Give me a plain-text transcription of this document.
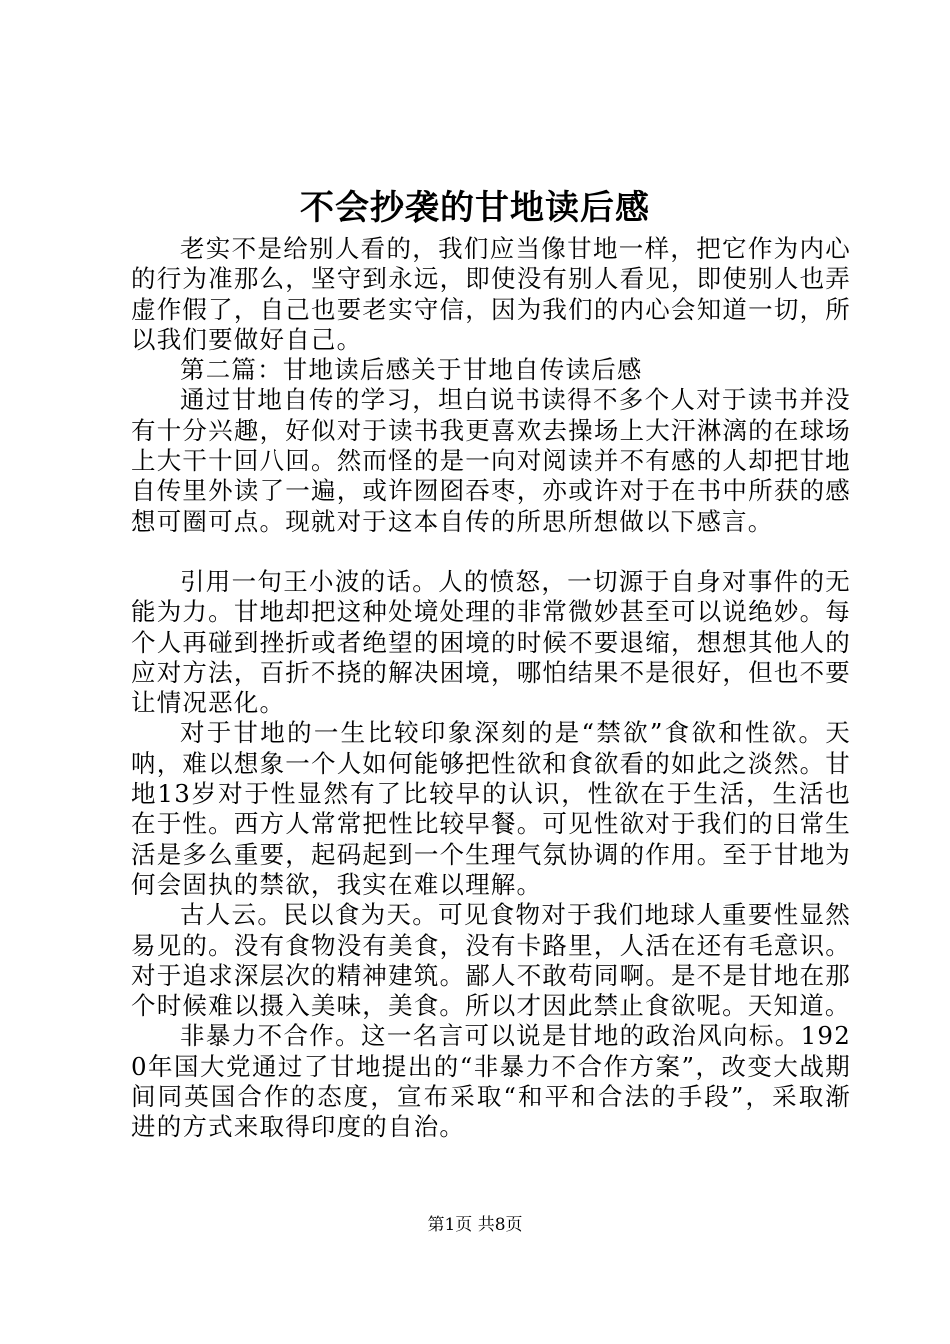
不会抄袭的甘地读后感

老实不是给别人看的，我们应当像甘地一样，把它作为内心的行为准那么，坚守到永远，即使没有别人看见，即使别人也弄虚作假了，自己也要老实守信，因为我们的内心会知道一切，所以我们要做好自己。

第二篇：甘地读后感关于甘地自传读后感

通过甘地自传的学习，坦白说书读得不多个人对于读书并没有十分兴趣，好似对于读书我更喜欢去操场上大汗淋漓的在球场上大干十回八回。然而怪的是一向对阅读并不有感的人却把甘地自传里外读了一遍，或许囫囵吞枣，亦或许对于在书中所获的感想可圈可点。现就对于这本自传的所思所想做以下感言。

引用一句王小波的话。人的愤怒，一切源于自身对事件的无能为力。甘地却把这种处境处理的非常微妙甚至可以说绝妙。每个人再碰到挫折或者绝望的困境的时候不要退缩，想想其他人的应对方法，百折不挠的解决困境，哪怕结果不是很好，但也不要让情况恶化。

对于甘地的一生比较印象深刻的是“禁欲”食欲和性欲。天呐，难以想象一个人如何能够把性欲和食欲看的如此之淡然。甘地13岁对于性显然有了比较早的认识，性欲在于生活，生活也在于性。西方人常常把性比较早餐。可见性欲对于我们的日常生活是多么重要，起码起到一个生理气氛协调的作用。至于甘地为何会固执的禁欲，我实在难以理解。

古人云。民以食为天。可见食物对于我们地球人重要性显然易见的。没有食物没有美食，没有卡路里，人活在还有毛意识。对于追求深层次的精神建筑。鄙人不敢苟同啊。是不是甘地在那个时候难以摄入美味，美食。所以才因此禁止食欲呢。天知道。

非暴力不合作。这一名言可以说是甘地的政治风向标。1920年国大党通过了甘地提出的“非暴力不合作方案”，改变大战期间同英国合作的态度，宣布采取“和平和合法的手段”，采取渐进的方式来取得印度的自治。

第1页 共8页
